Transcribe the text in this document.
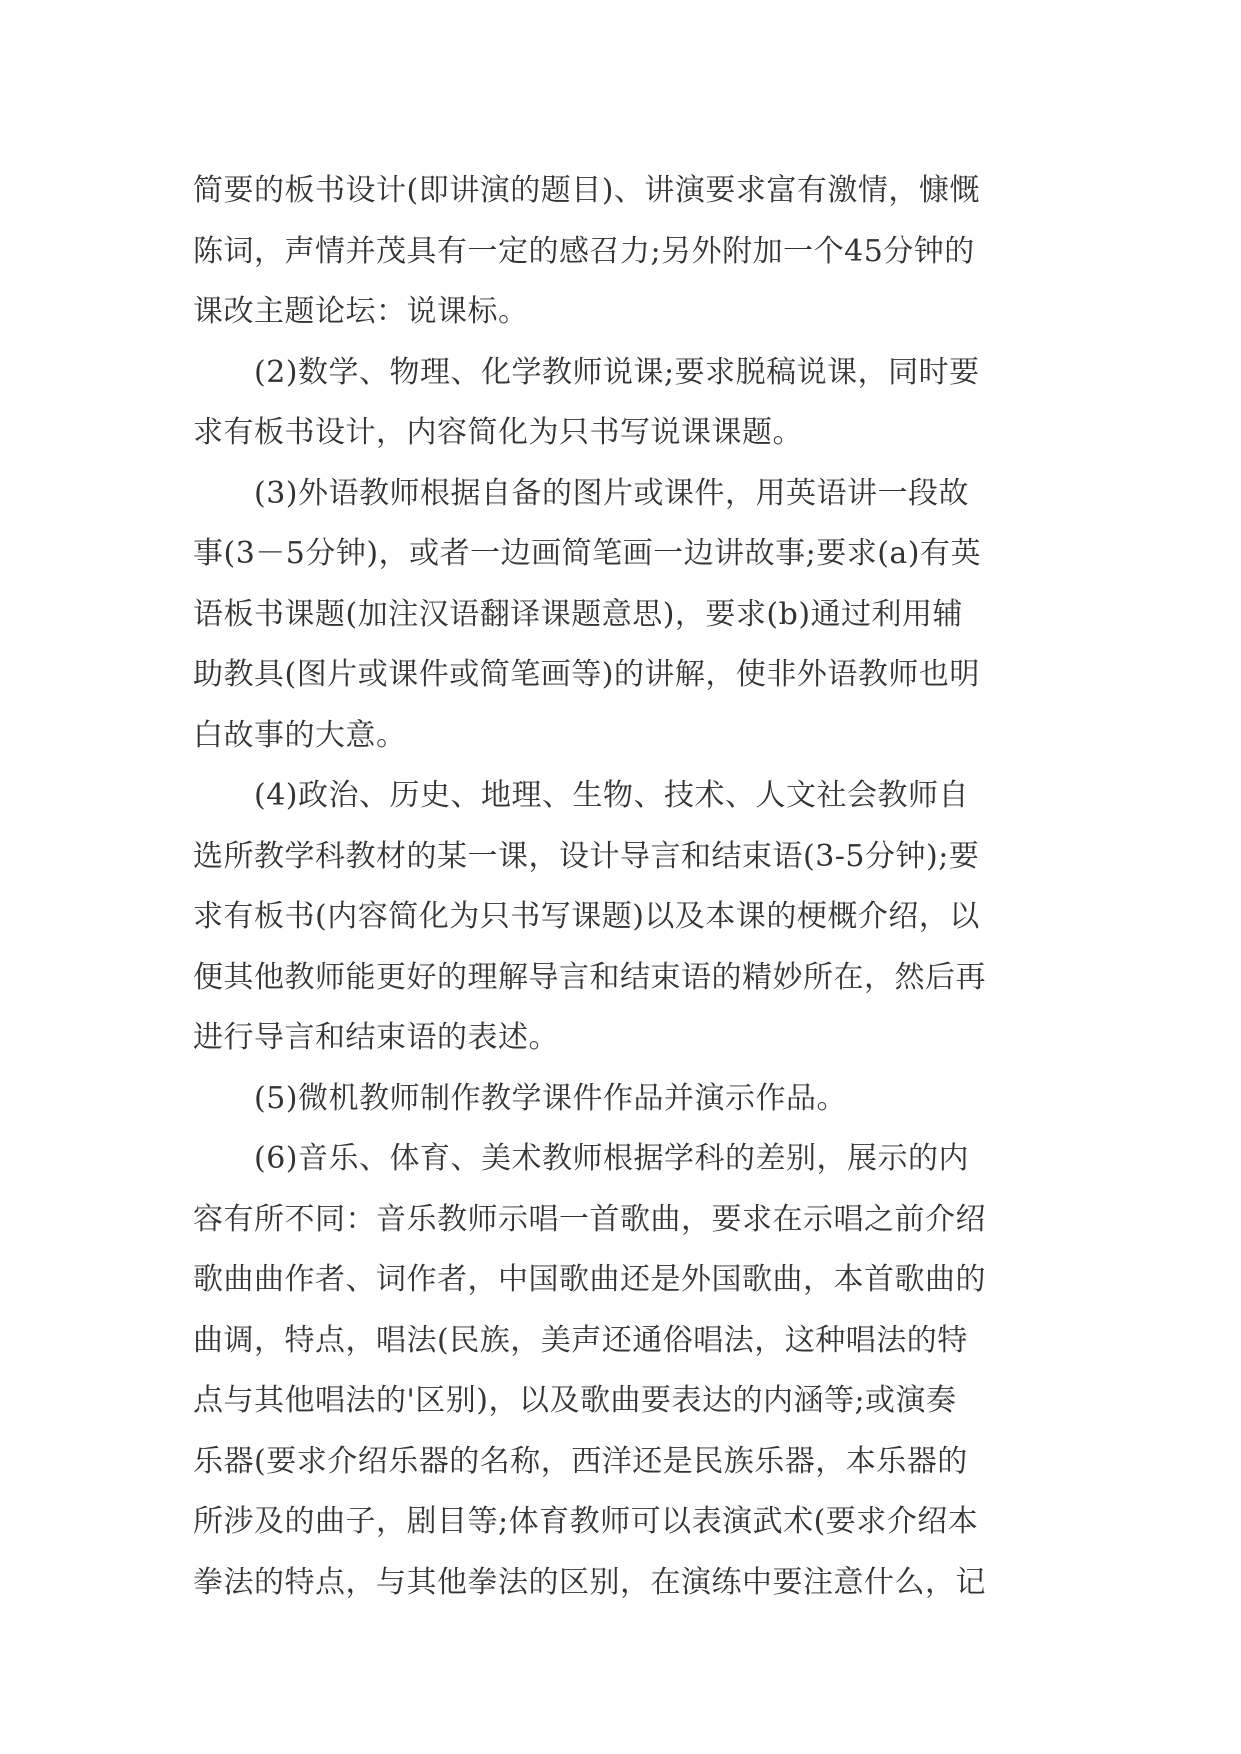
简要的板书设计(即讲演的题目)、讲演要求富有激情，慷慨
陈词，声情并茂具有一定的感召力;另外附加一个45分钟的
课改主题论坛：说课标。
(2)数学、物理、化学教师说课;要求脱稿说课，同时要
求有板书设计，内容简化为只书写说课课题。
(3)外语教师根据自备的图片或课件，用英语讲一段故
事(3－5分钟)，或者一边画简笔画一边讲故事;要求(a)有英
语板书课题(加注汉语翻译课题意思)，要求(b)通过利用辅
助教具(图片或课件或简笔画等)的讲解，使非外语教师也明
白故事的大意。
(4)政治、历史、地理、生物、技术、人文社会教师自
选所教学科教材的某一课，设计导言和结束语(3-5分钟);要
求有板书(内容简化为只书写课题)以及本课的梗概介绍，以
便其他教师能更好的理解导言和结束语的精妙所在，然后再
进行导言和结束语的表述。
(5)微机教师制作教学课件作品并演示作品。
(6)音乐、体育、美术教师根据学科的差别，展示的内
容有所不同：音乐教师示唱一首歌曲，要求在示唱之前介绍
歌曲曲作者、词作者，中国歌曲还是外国歌曲，本首歌曲的
曲调，特点，唱法(民族，美声还通俗唱法，这种唱法的特
点与其他唱法的'区别)，以及歌曲要表达的内涵等;或演奏
乐器(要求介绍乐器的名称，西洋还是民族乐器，本乐器的
所涉及的曲子，剧目等;体育教师可以表演武术(要求介绍本
拳法的特点，与其他拳法的区别，在演练中要注意什么，记
